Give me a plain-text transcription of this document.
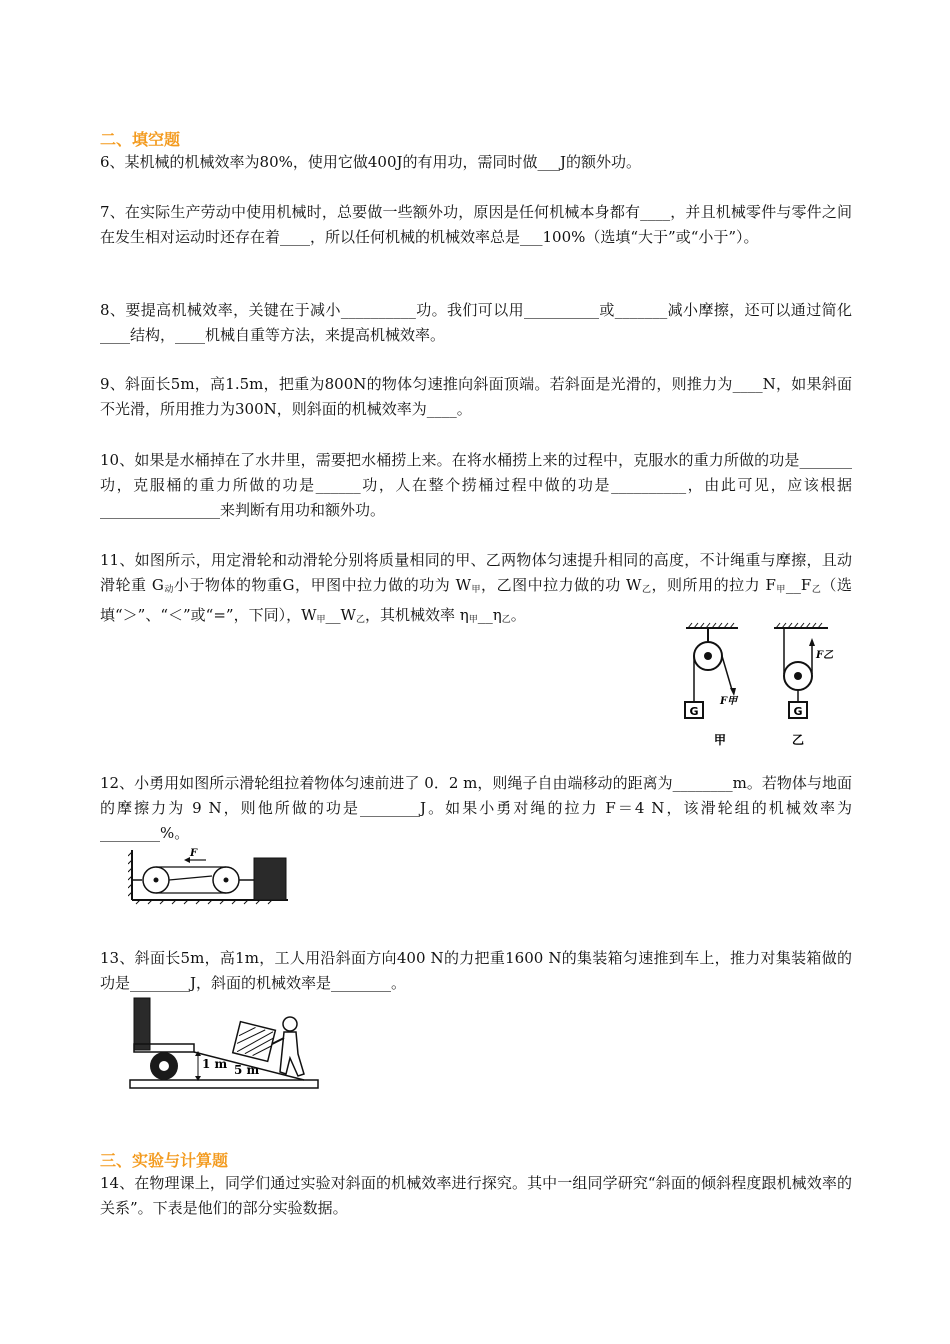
二、填空题

6、某机械的机械效率为80%，使用它做400J的有用功，需同时做___J的额外功。

7、在实际生产劳动中使用机械时，总要做一些额外功，原因是任何机械本身都有____，并且机械零件与零件之间在发生相对运动时还存在着____，所以任何机械的机械效率总是___100%（选填“大于”或“小于”）。

8、要提高机械效率，关键在于减小__________功。我们可以用__________或_______减小摩擦，还可以通过简化____结构，____机械自重等方法，来提高机械效率。

9、斜面长5m，高1.5m，把重为800N的物体匀速推向斜面顶端。若斜面是光滑的，则推力为____N，如果斜面不光滑，所用推力为300N，则斜面的机械效率为____。

10、如果是水桶掉在了水井里，需要把水桶捞上来。在将水桶捞上来的过程中，克服水的重力所做的功是_______功，克服桶的重力所做的功是______功，人在整个捞桶过程中做的功是__________，由此可见，应该根据________________来判断有用功和额外功。

11、如图所示，用定滑轮和动滑轮分别将质量相同的甲、乙两物体匀速提升相同的高度，不计绳重与摩擦，且动滑轮重 $G_动$小于物体的物重G，甲图中拉力做的功为 $W_甲$，乙图中拉力做的功 $W_乙$，则所用的拉力 $F_甲\_\_F_乙$（选填“＞”、“＜”或“=”，下同），$W_甲\_\_W_乙$，其机械效率 $\eta_甲\_\_\eta_乙$。

G
F甲
甲
G
F乙
乙

12、小勇用如图所示滑轮组拉着物体匀速前进了 0．2 m，则绳子自由端移动的距离为________m。若物体与地面的摩擦力为 9 N，则他所做的功是________J。如果小勇对绳的拉力 F＝4 N，该滑轮组的机械效率为________%。

F

13、斜面长5m，高1m，工人用沿斜面方向400 N的力把重1600 N的集装箱匀速推到车上，推力对集装箱做的功是________J，斜面的机械效率是________。

1 m 5 m
三、实验与计算题

14、在物理课上，同学们通过实验对斜面的机械效率进行探究。其中一组同学研究“斜面的倾斜程度跟机械效率的关系”。下表是他们的部分实验数据。
